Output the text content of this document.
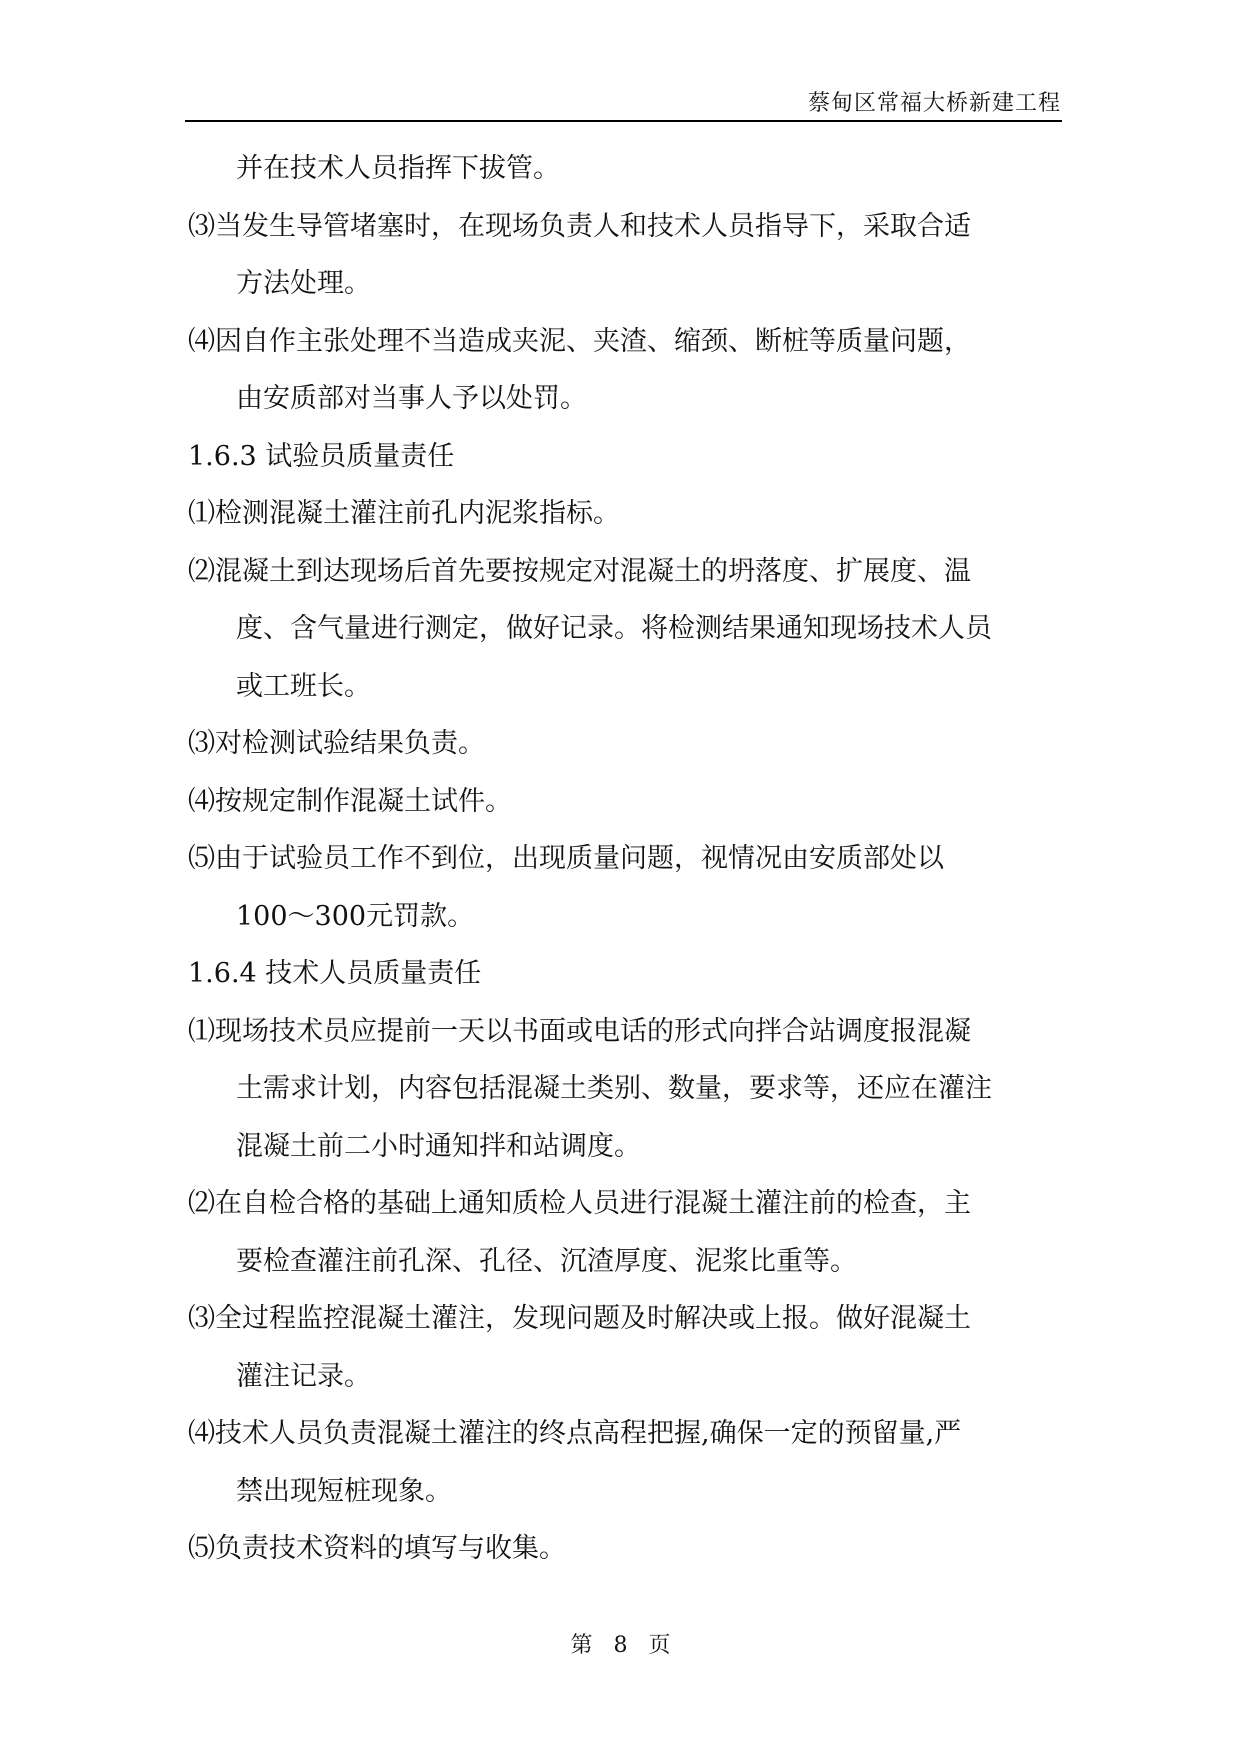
蔡甸区常福大桥新建工程
并在技术人员指挥下拔管。
⑶当发生导管堵塞时，在现场负责人和技术人员指导下，采取合适
方法处理。
⑷因自作主张处理不当造成夹泥、夹渣、缩颈、断桩等质量问题，
由安质部对当事人予以处罚。
1.6.3 试验员质量责任
⑴检测混凝土灌注前孔内泥浆指标。
⑵混凝土到达现场后首先要按规定对混凝土的坍落度、扩展度、温
度、含气量进行测定，做好记录。将检测结果通知现场技术人员
或工班长。
⑶对检测试验结果负责。
⑷按规定制作混凝土试件。
⑸由于试验员工作不到位，出现质量问题，视情况由安质部处以
100～300元罚款。
1.6.4 技术人员质量责任
⑴现场技术员应提前一天以书面或电话的形式向拌合站调度报混凝
土需求计划，内容包括混凝土类别、数量，要求等，还应在灌注
混凝土前二小时通知拌和站调度。
⑵在自检合格的基础上通知质检人员进行混凝土灌注前的检查，主
要检查灌注前孔深、孔径、沉渣厚度、泥浆比重等。
⑶全过程监控混凝土灌注，发现问题及时解决或上报。做好混凝土
灌注记录。
⑷技术人员负责混凝土灌注的终点高程把握,确保一定的预留量,严
禁出现短桩现象。
⑸负责技术资料的填写与收集。
第 8 页
